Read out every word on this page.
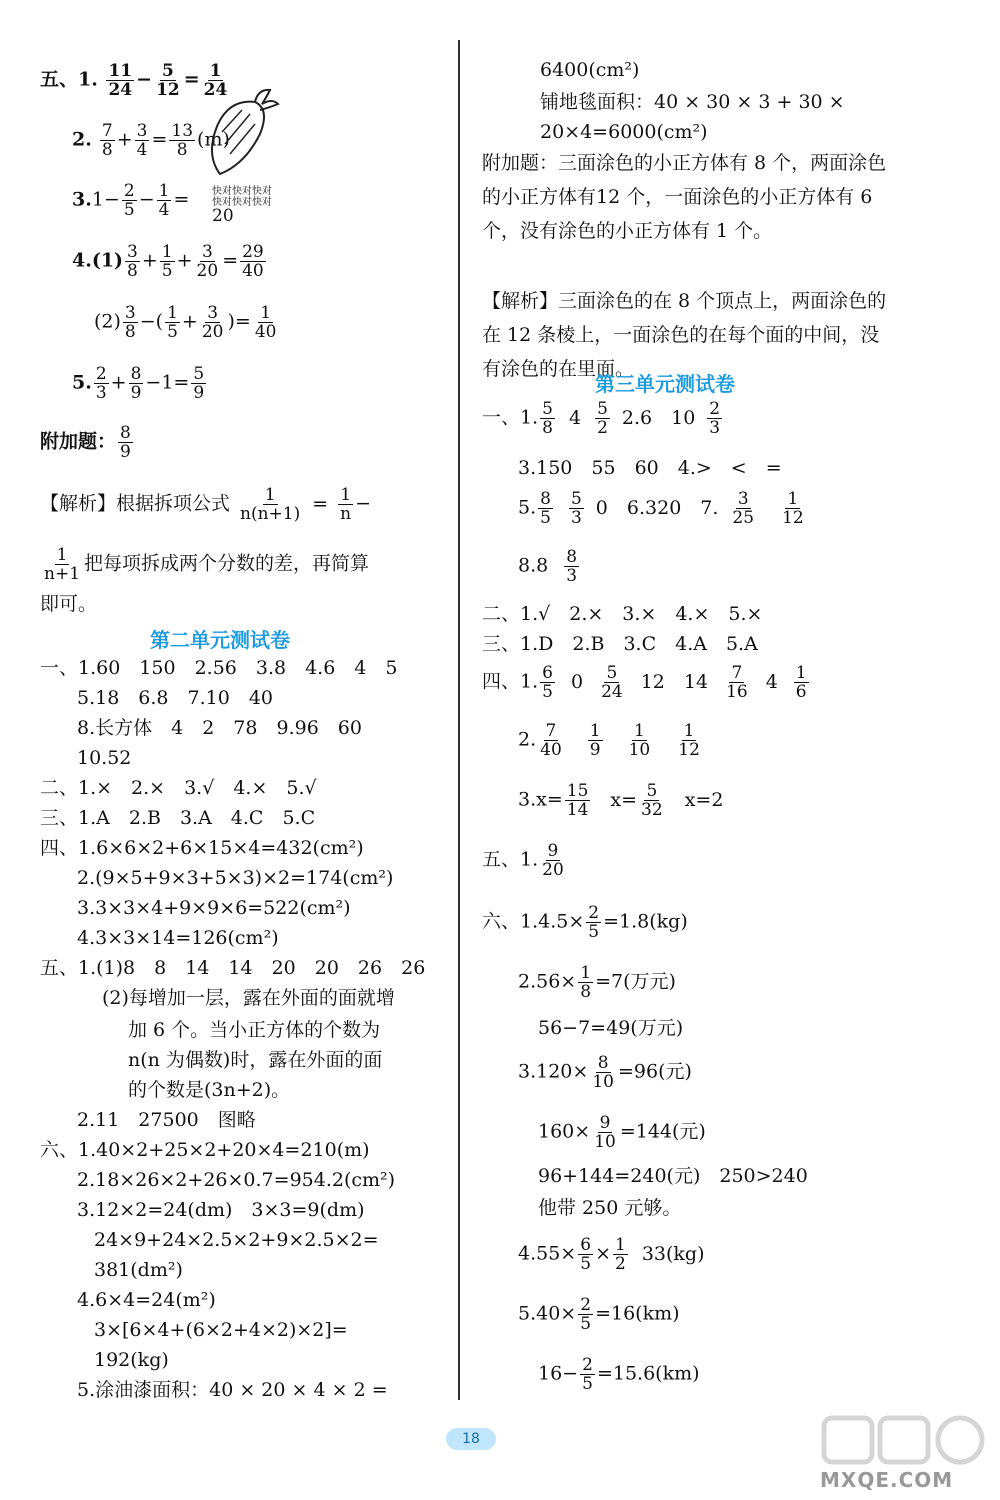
五、1. $\frac{11}{24} - \frac{5}{12} = \frac{1}{24}$
2. $\frac{7}{8} + \frac{3}{4} = \frac{13}{8} (m)$
$3.1- \frac{2}{5} - \frac{1}{4}$ = 快对快对快对
快对快对快对
20
$4.(1) \frac{3}{8} + \frac{1}{5} + \frac{3}{20} = \frac{29}{40}$
$(2) \frac{3}{8}$ −( $\frac{1}{5} + \frac{3}{20}$ )= $\frac{1}{40}$
5. $\frac{2}{3} + \frac{8}{9} -1= \frac{5}{9}$
附加题： $\frac{8}{9}$
【解析】根据拆项公式 $\frac{1}{n(n+1)} = \frac{1}{n}$ −
$\frac{1}{n+1}$ 把每项拆成两个分数的差，再简算
即可。
第二单元测试卷
一、1.60　150　2.56　3.8　4.6　4　5
5.18　6.8　7.10　40
8.长方体　4　2　78　9.96　60
10.52
二、1.×　2.×　3.√　4.×　5.√
三、1.A　2.B　3.A　4.C　5.C
四、1.6×6×2+6×15×4=432(cm²)
2.(9×5+9×3+5×3)×2=174(cm²)
3.3×3×4+9×9×6=522(cm²)
4.3×3×14=126(cm²)
五、1.(1)8　8　14　14　20　20　26　26
(2)每增加一层，露在外面的面就增
加 6 个。当小正方体的个数为
n(n 为偶数)时，露在外面的面
的个数是(3n+2)。
2.11　27500　图略
六、1.40×2+25×2+20×4=210(m)
2.18×26×2+26×0.7=954.2(cm²)
3.12×2=24(dm)　3×3=9(dm)
24×9+24×2.5×2+9×2.5×2=
381(dm²)
4.6×4=24(m²)
3×[6×4+(6×2+4×2)×2]=
192(kg)
5.涂油漆面积：40 × 20 × 4 × 2 =
6400(cm²)
铺地毯面积：40 × 30 × 3 + 30 ×
20×4=6000(cm²)
附加题：三面涂色的小正方体有 8 个，两面涂色的小正方体有12 个，一面涂色的小正方体有 6 个，没有涂色的小正方体有 1 个。
【解析】三面涂色的在 8 个顶点上，两面涂色的在 12 条棱上，一面涂色的在每个面的中间，没有涂色的在里面。
第三单元测试卷
一、1. $\frac{5}{8} 4 \frac{5}{2} 2.6$　$10 \frac{2}{3}$
3.150　55　60　4.>　<　=
5. $\frac{8}{5} \frac{5}{3} 0$　6.320　7. $\frac{3}{25} \frac{1}{12}$
$8.8 \frac{8}{3}$
二、1.√　2.×　3.×　4.×　5.×
三、1.D　2.B　3.C　4.A　5.A
四、1. $\frac{6}{5} 0 \frac{5}{24} 12$　$14 \frac{7}{16} 4 \frac{1}{6}$
2. $\frac{7}{40} \frac{1}{9} \frac{1}{10} \frac{1}{12}$
$3.x= \frac{15}{14} x= \frac{5}{32} x=2$
五、1. $\frac{9}{20}$
六、$1.4.5\times \frac{2}{5} =1.8(kg)$
$2.56\times \frac{1}{8} =7$(万元)
56−7=49(万元)
$3.120\times \frac{8}{10} =96$(元)
$160\times \frac{9}{10} =144$(元)
96+144=240(元)　250>240
他带 250 元够。
$4.55\times \frac{6}{5} \times \frac{1}{2} 33(kg)$
$5.40\times \frac{2}{5} =16(km)$
$16- \frac{2}{5} =15.6(km)$
18
MXQE.COM
